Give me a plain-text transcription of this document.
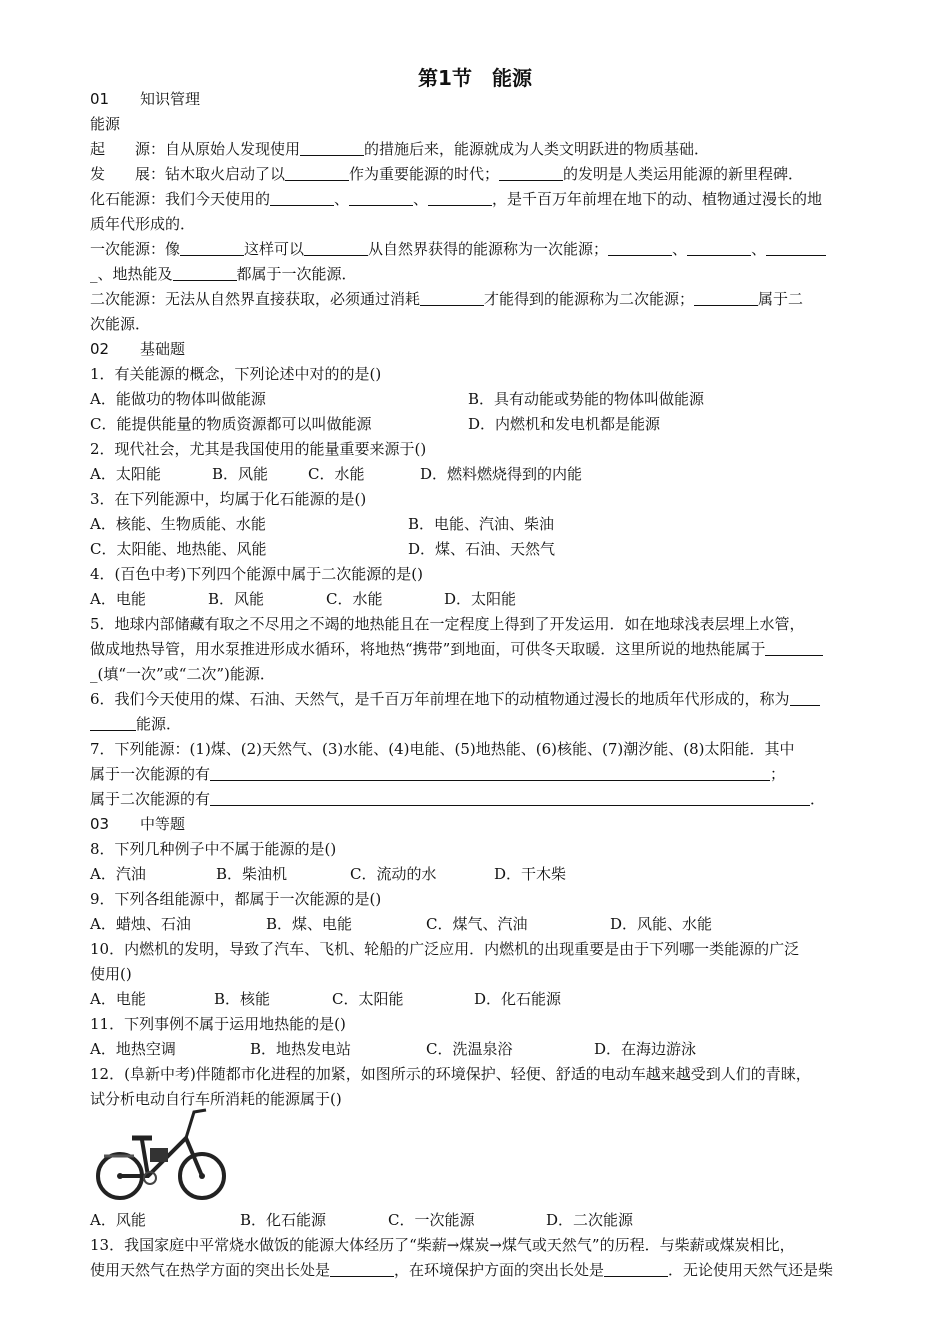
第1节 能源
01 知识管理
能源
起　　源：自从原始人发现使用	的措施后来，能源就成为人类文明跃进的物质基础．
发　　展：钻木取火启动了以	作为重要能源的时代；	的发明是人类运用能源的新里程碑．
化石能源：我们今天使用的	、	、	，是千百万年前埋在地下的动、植物通过漫长的地
质年代形成的．
一次能源：像	这样可以	从自然界获得的能源称为一次能源；	、	、
_、地热能及	都属于一次能源．
二次能源：无法从自然界直接获取，必须通过消耗	才能得到的能源称为二次能源；	属于二
次能源．
02 基础题
1．有关能源的概念，下列论述中对的的是()
A．能做功的物体叫做能源	B．具有动能或势能的物体叫做能源
C．能提供能量的物质资源都可以叫做能源	D．内燃机和发电机都是能源
2．现代社会，尤其是我国使用的能量重要来源于()
A．太阳能	B．风能	C．水能	D．燃料燃烧得到的内能
3．在下列能源中，均属于化石能源的是()
A．核能、生物质能、水能	B．电能、汽油、柴油
C．太阳能、地热能、风能	D．煤、石油、天然气
4．(百色中考)下列四个能源中属于二次能源的是()
A．电能	B．风能	C．水能	D．太阳能
5．地球内部储藏有取之不尽用之不竭的地热能且在一定程度上得到了开发运用．如在地球浅表层埋上水管，
做成地热导管，用水泵推进形成水循环，将地热“携带”到地面，可供冬天取暖．这里所说的地热能属于
_(填“一次”或“二次”)能源．
6．我们今天使用的煤、石油、天然气，是千百万年前埋在地下的动植物通过漫长的地质年代形成的，称为
能源．
7．下列能源：(1)煤、(2)天然气、(3)水能、(4)电能、(5)地热能、(6)核能、(7)潮汐能、(8)太阳能．其中
属于一次能源的有	；
属于二次能源的有	．
03 中等题
8．下列几种例子中不属于能源的是()
A．汽油	B．柴油机	C．流动的水	D．干木柴
9．下列各组能源中，都属于一次能源的是()
A．蜡烛、石油	B．煤、电能	C．煤气、汽油	D．风能、水能
10．内燃机的发明，导致了汽车、飞机、轮船的广泛应用．内燃机的出现重要是由于下列哪一类能源的广泛
使用()
A．电能	B．核能	C．太阳能	D．化石能源
11．下列事例不属于运用地热能的是()
A．地热空调	B．地热发电站	C．洗温泉浴	D．在海边游泳
12．(阜新中考)伴随都市化进程的加紧，如图所示的环境保护、轻便、舒适的电动车越来越受到人们的青睐，
试分析电动自行车所消耗的能源属于()
A．风能	B．化石能源	C．一次能源	D．二次能源
13．我国家庭中平常烧水做饭的能源大体经历了“柴薪→煤炭→煤气或天然气”的历程．与柴薪或煤炭相比，
使用天然气在热学方面的突出长处是	，在环境保护方面的突出长处是	．无论使用天然气还是柴
